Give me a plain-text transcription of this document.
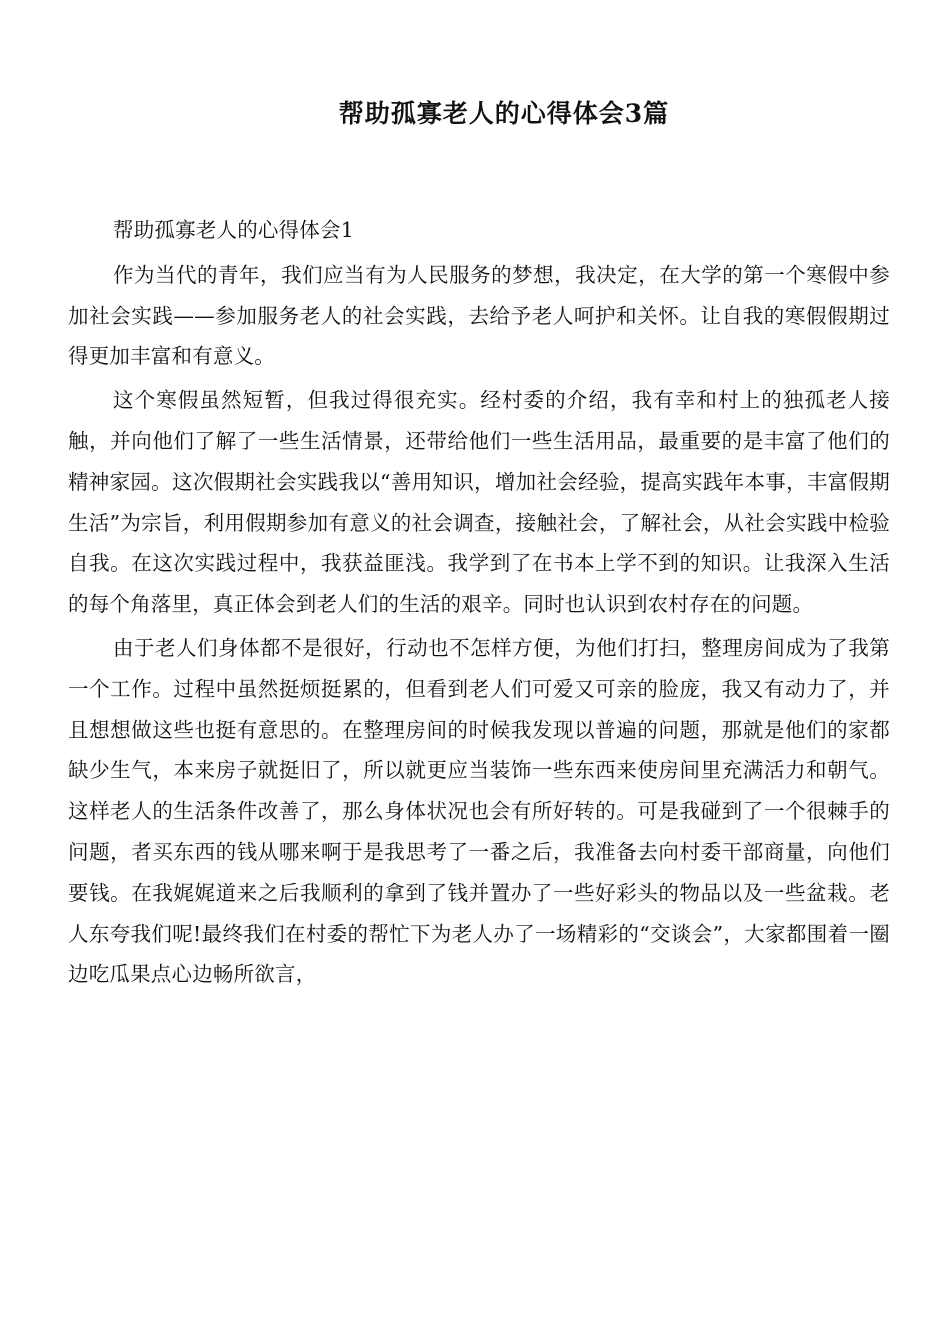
帮助孤寡老人的心得体会3篇

帮助孤寡老人的心得体会1

作为当代的青年，我们应当有为人民服务的梦想，我决定，在大学的第一个寒假中参加社会实践——参加服务老人的社会实践，去给予老人呵护和关怀。让自我的寒假假期过得更加丰富和有意义。

这个寒假虽然短暂，但我过得很充实。经村委的介绍，我有幸和村上的独孤老人接触，并向他们了解了一些生活情景，还带给他们一些生活用品，最重要的是丰富了他们的精神家园。这次假期社会实践我以“善用知识，增加社会经验，提高实践年本事，丰富假期生活”为宗旨，利用假期参加有意义的社会调查，接触社会，了解社会，从社会实践中检验自我。在这次实践过程中，我获益匪浅。我学到了在书本上学不到的知识。让我深入生活的每个角落里，真正体会到老人们的生活的艰辛。同时也认识到农村存在的问题。

由于老人们身体都不是很好，行动也不怎样方便，为他们打扫，整理房间成为了我第一个工作。过程中虽然挺烦挺累的，但看到老人们可爱又可亲的脸庞，我又有动力了，并且想想做这些也挺有意思的。在整理房间的时候我发现以普遍的问题，那就是他们的家都缺少生气，本来房子就挺旧了，所以就更应当装饰一些东西来使房间里充满活力和朝气。这样老人的生活条件改善了，那么身体状况也会有所好转的。可是我碰到了一个很棘手的问题，者买东西的钱从哪来啊于是我思考了一番之后，我准备去向村委干部商量，向他们要钱。在我娓娓道来之后我顺利的拿到了钱并置办了一些好彩头的物品以及一些盆栽。老人东夸我们呢!最终我们在村委的帮忙下为老人办了一场精彩的“交谈会”，大家都围着一圈边吃瓜果点心边畅所欲言，
